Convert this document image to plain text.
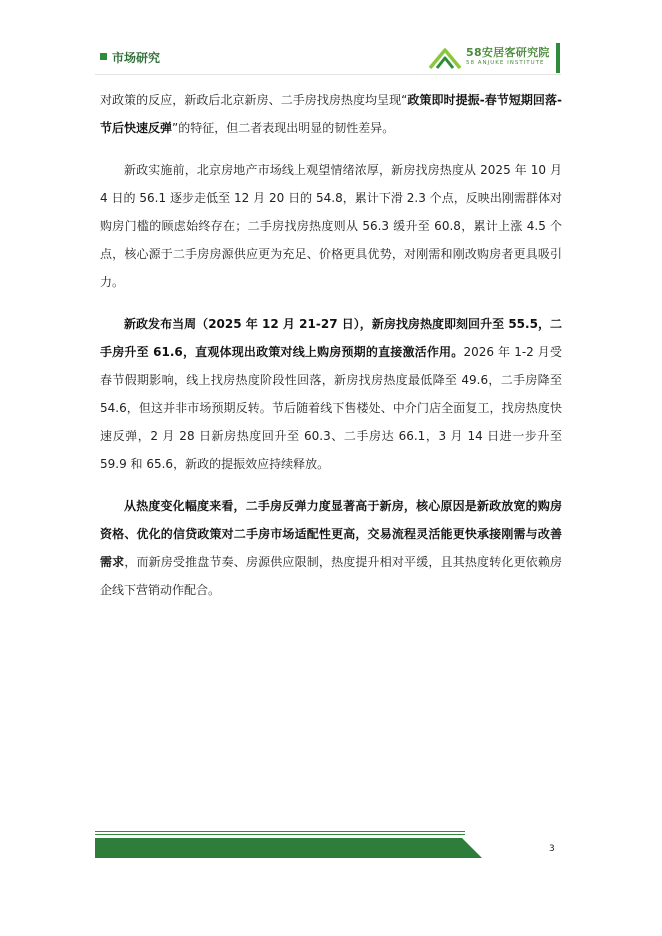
市场研究	58安居客研究院
58 ANJUKE INSTITUTE

对政策的反应，新政后北京新房、二手房找房热度均呈现“政策即时提振-春节短期回落-节后快速反弹”的特征，但二者表现出明显的韧性差异。

新政实施前，北京房地产市场线上观望情绪浓厚，新房找房热度从 2025 年 10 月 4 日的 56.1 逐步走低至 12 月 20 日的 54.8，累计下滑 2.3 个点，反映出刚需群体对购房门槛的顾虑始终存在；二手房找房热度则从 56.3 缓升至 60.8，累计上涨 4.5 个点，核心源于二手房房源供应更为充足、价格更具优势，对刚需和刚改购房者更具吸引力。

新政发布当周（2025 年 12 月 21-27 日），新房找房热度即刻回升至 55.5，二手房升至 61.6，直观体现出政策对线上购房预期的直接激活作用。2026 年 1-2 月受春节假期影响，线上找房热度阶段性回落，新房找房热度最低降至 49.6，二手房降至 54.6，但这并非市场预期反转。节后随着线下售楼处、中介门店全面复工，找房热度快速反弹，2 月 28 日新房热度回升至 60.3、二手房达 66.1，3 月 14 日进一步升至 59.9 和 65.6，新政的提振效应持续释放。

从热度变化幅度来看，二手房反弹力度显著高于新房，核心原因是新政放宽的购房资格、优化的信贷政策对二手房市场适配性更高，交易流程灵活能更快承接刚需与改善需求，而新房受推盘节奏、房源供应限制，热度提升相对平缓，且其热度转化更依赖房企线下营销动作配合。

3
